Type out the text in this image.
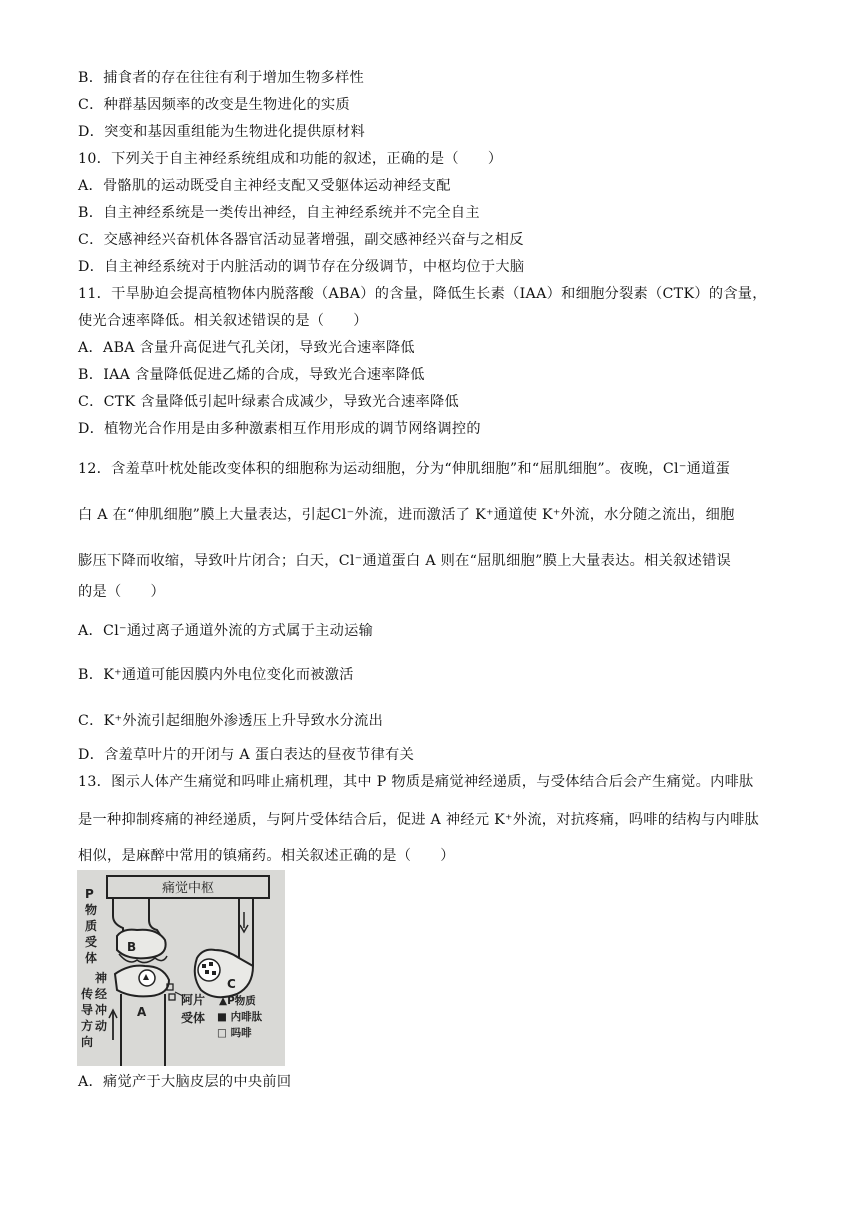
B．捕食者的存在往往有利于增加生物多样性
C．种群基因频率的改变是生物进化的实质
D．突变和基因重组能为生物进化提供原材料
10．下列关于自主神经系统组成和功能的叙述，正确的是（　　）
A．骨骼肌的运动既受自主神经支配又受躯体运动神经支配
B．自主神经系统是一类传出神经，自主神经系统并不完全自主
C．交感神经兴奋机体各器官活动显著增强，副交感神经兴奋与之相反
D．自主神经系统对于内脏活动的调节存在分级调节，中枢均位于大脑
11．干旱胁迫会提高植物体内脱落酸（ABA）的含量，降低生长素（IAA）和细胞分裂素（CTK）的含量，
使光合速率降低。相关叙述错误的是（　　）
A．ABA 含量升高促进气孔关闭，导致光合速率降低
B．IAA 含量降低促进乙烯的合成，导致光合速率降低
C．CTK 含量降低引起叶绿素合成减少，导致光合速率降低
D．植物光合作用是由多种激素相互作用形成的调节网络调控的
12．含羞草叶枕处能改变体积的细胞称为运动细胞，分为“伸肌细胞”和“屈肌细胞”。夜晚，Cl⁻通道蛋
白 A 在“伸肌细胞”膜上大量表达，引起Cl⁻外流，进而激活了 K⁺通道使 K⁺外流，水分随之流出，细胞
膨压下降而收缩，导致叶片闭合；白天，Cl⁻通道蛋白 A 则在“屈肌细胞”膜上大量表达。相关叙述错误
的是（　　）
A．Cl⁻通过离子通道外流的方式属于主动运输
B．K⁺通道可能因膜内外电位变化而被激活
C．K⁺外流引起细胞外渗透压上升导致水分流出
D．含羞草叶片的开闭与 A 蛋白表达的昼夜节律有关
13．图示人体产生痛觉和吗啡止痛机理，其中 P 物质是痛觉神经递质，与受体结合后会产生痛觉。内啡肽
是一种抑制疼痛的神经递质，与阿片受体结合后，促进 A 神经元 K⁺外流，对抗疼痛，吗啡的结构与内啡肽
相似，是麻醉中常用的镇痛药。相关叙述正确的是（　　）
痛觉中枢
B
C
A
P
物
质
受
体
传
导
方
向
神
经
冲
动
阿片
受体
▲P物质
■ 内啡肽
□ 吗啡
A．痛觉产于大脑皮层的中央前回
